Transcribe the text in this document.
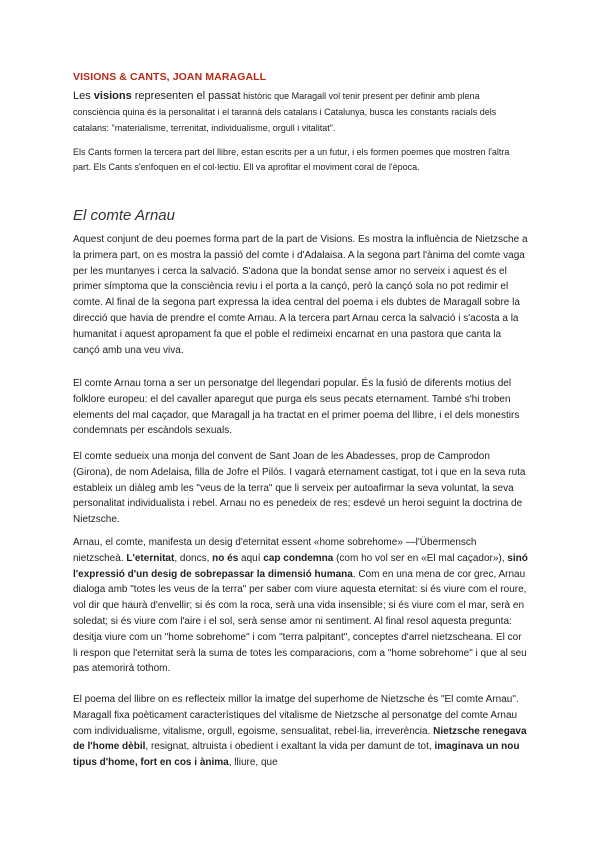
VISIONS & CANTS, JOAN MARAGALL
Les visions representen el passat històric que Maragall vol tenir present per definir amb plena consciència quina és la personalitat i el tarannà dels catalans i Catalunya, busca les constants racials dels catalans: "materialisme, terrenitat, individualisme, orgull i vitalitat".
Els Cants formen la tercera part del llibre, estan escrits per a un futur, i els formen poemes que mostren l'altra part. Els Cants s'enfoquen en el col·lectiu. Ell va aprofitar el moviment coral de l'època.
El comte Arnau
Aquest conjunt de deu poemes forma part de la part de Visions. Es mostra la influència de Nietzsche a la primera part, on es mostra la passió del comte i d'Adalaisa. A la segona part l'ànima del comte vaga per les muntanyes i cerca la salvació. S'adona que la bondat sense amor no serveix i aquest és el primer símptoma que la consciència reviu i el porta a la cançó, però la cançó sola no pot redimir el comte. Al final de la segona part expressa la idea central del poema i els dubtes de Maragall sobre la direcció que havia de prendre el comte Arnau. A la tercera part Arnau cerca la salvació i s'acosta a la humanitat i aquest apropament fa que el poble el redimeixi encarnat en una pastora que canta la cançó amb una veu viva.
El comte Arnau torna a ser un personatge del llegendari popular. És la fusió de diferents motius del folklore europeu: el del cavaller aparegut que purga els seus pecats eternament. També s'hi troben elements del mal caçador, que Maragall ja ha tractat en el primer poema del llibre, i el dels monestirs condemnats per escàndols sexuals.
El comte sedueix una monja del convent de Sant Joan de les Abadesses, prop de Camprodon (Girona), de nom Adelaisa, filla de Jofre el Pilós. I vagarà eternament castigat, tot i que en la seva ruta estableix un diàleg amb les "veus de la terra" que li serveix per autoafirmar la seva voluntat, la seva personalitat individualista i rebel. Arnau no es penedeix de res; esdevé un heroi seguint la doctrina de Nietzsche.
Arnau, el comte, manifesta un desig d'eternitat essent «home sobrehome» —l'Übermensch nietzscheà. L'eternitat, doncs, no és aquí cap condemna (com ho vol ser en «El mal caçador»), sinó l'expressió d'un desig de sobrepassar la dimensió humana. Com en una mena de cor grec, Arnau dialoga amb "totes les veus de la terra" per saber com viure aquesta eternitat: si és viure com el roure, vol dir que haurà d'envellir; si és com la roca, serà una vida insensible; si és viure com el mar, serà en soledat; si és viure com l'aire i el sol, serà sense amor ni sentiment. Al final resol aquesta pregunta: desitja viure com un "home sobrehome" i com "terra palpitant", conceptes d'arrel nietzscheana. El cor li respon que l'eternitat serà la suma de totes les comparacions, com a "home sobrehome" i que al seu pas atemorirà tothom.
El poema del llibre on es reflecteix millor la imatge del superhome de Nietzsche és "El comte Arnau". Maragall fixa poèticament característiques del vitalisme de Nietzsche al personatge del comte Arnau com individualisme, vitalisme, orgull, egoisme, sensualitat, rebel·lia, irreverència. Nietzsche renegava de l'home dèbil, resignat, altruista i obedient i exaltant la vida per damunt de tot, imaginava un nou tipus d'home, fort en cos i ànima, lliure, que
